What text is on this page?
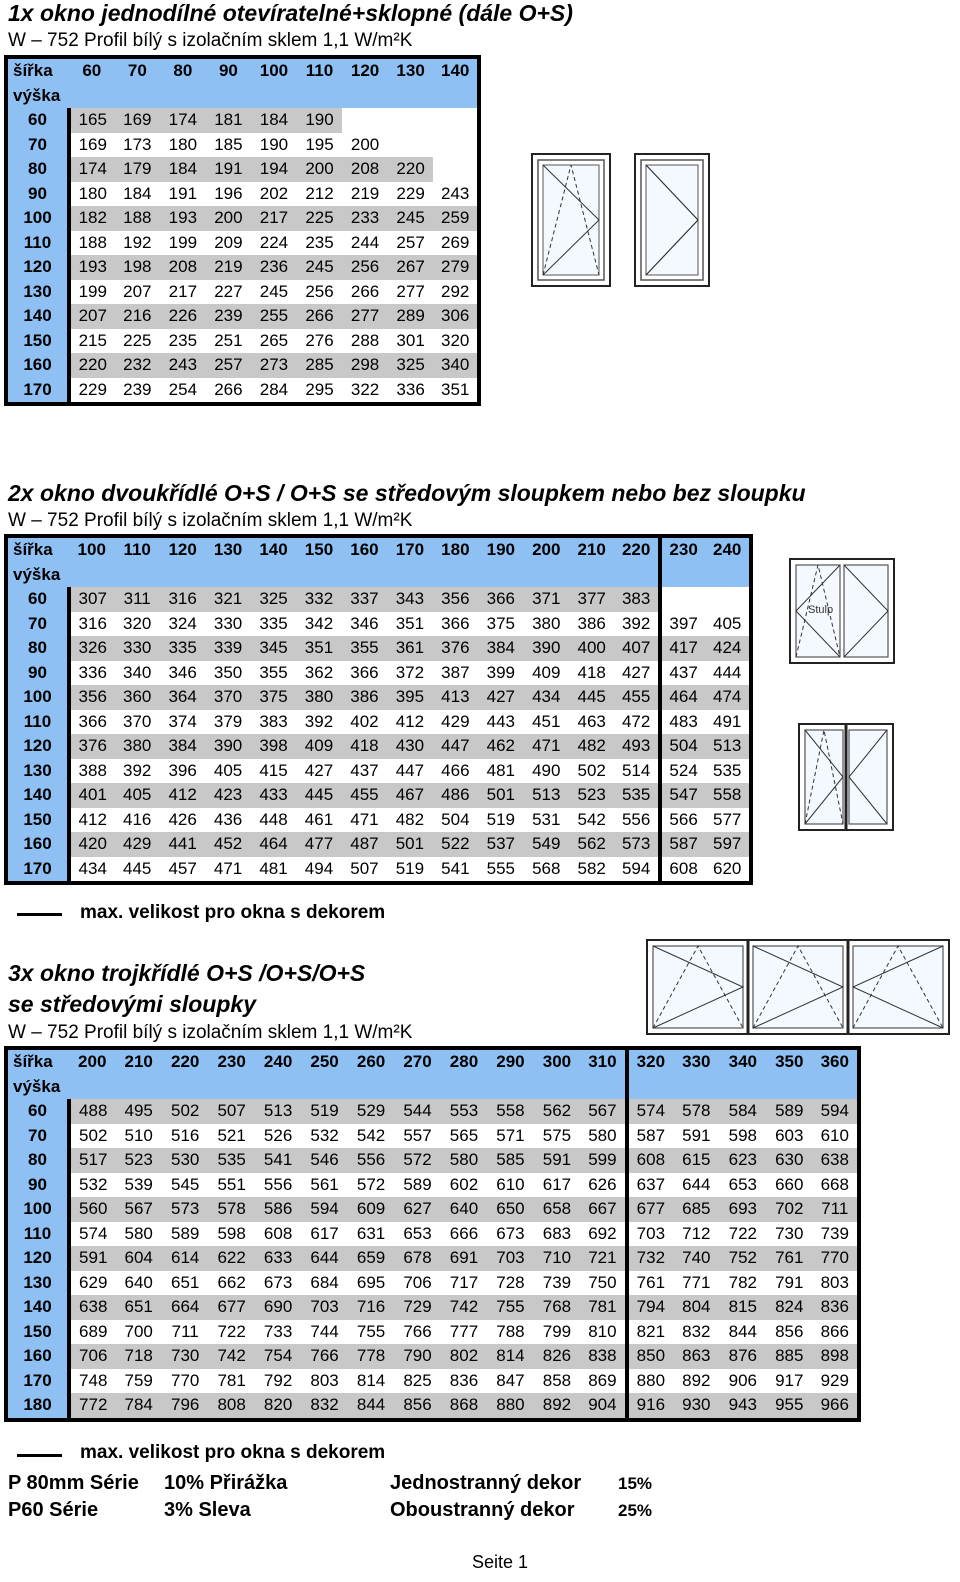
1x okno jednodílné otevíratelné+sklopné (dále O+S)
W – 752 Profil bílý s izolačním sklem 1,1 W/m²K
šířka	60	70	80	90	100	110	120	130	140
výška									
60	165	169	174	181	184	190			
70	169	173	180	185	190	195	200		
80	174	179	184	191	194	200	208	220	
90	180	184	191	196	202	212	219	229	243
100	182	188	193	200	217	225	233	245	259
110	188	192	199	209	224	235	244	257	269
120	193	198	208	219	236	245	256	267	279
130	199	207	217	227	245	256	266	277	292
140	207	216	226	239	255	266	277	289	306
150	215	225	235	251	265	276	288	301	320
160	220	232	243	257	273	285	298	325	340
170	229	239	254	266	284	295	322	336	351
2x okno dvoukřídlé O+S / O+S se středovým sloupkem nebo bez sloupku
W – 752 Profil bílý s izolačním sklem 1,1 W/m²K
šířka	100	110	120	130	140	150	160	170	180	190	200	210	220	230	240
výška															
60	307	311	316	321	325	332	337	343	356	366	371	377	383		
70	316	320	324	330	335	342	346	351	366	375	380	386	392	397	405
80	326	330	335	339	345	351	355	361	376	384	390	400	407	417	424
90	336	340	346	350	355	362	366	372	387	399	409	418	427	437	444
100	356	360	364	370	375	380	386	395	413	427	434	445	455	464	474
110	366	370	374	379	383	392	402	412	429	443	451	463	472	483	491
120	376	380	384	390	398	409	418	430	447	462	471	482	493	504	513
130	388	392	396	405	415	427	437	447	466	481	490	502	514	524	535
140	401	405	412	423	433	445	455	467	486	501	513	523	535	547	558
150	412	416	426	436	448	461	471	482	504	519	531	542	556	566	577
160	420	429	441	452	464	477	487	501	522	537	549	562	573	587	597
170	434	445	457	471	481	494	507	519	541	555	568	582	594	608	620
max. velikost pro okna s dekorem
Stulp
3x okno trojkřídlé O+S /O+S/O+S
se středovými sloupky
W – 752 Profil bílý s izolačním sklem 1,1 W/m²K
šířka	200	210	220	230	240	250	260	270	280	290	300	310	320	330	340	350	360
výška																	
60	488	495	502	507	513	519	529	544	553	558	562	567	574	578	584	589	594
70	502	510	516	521	526	532	542	557	565	571	575	580	587	591	598	603	610
80	517	523	530	535	541	546	556	572	580	585	591	599	608	615	623	630	638
90	532	539	545	551	556	561	572	589	602	610	617	626	637	644	653	660	668
100	560	567	573	578	586	594	609	627	640	650	658	667	677	685	693	702	711
110	574	580	589	598	608	617	631	653	666	673	683	692	703	712	722	730	739
120	591	604	614	622	633	644	659	678	691	703	710	721	732	740	752	761	770
130	629	640	651	662	673	684	695	706	717	728	739	750	761	771	782	791	803
140	638	651	664	677	690	703	716	729	742	755	768	781	794	804	815	824	836
150	689	700	711	722	733	744	755	766	777	788	799	810	821	832	844	856	866
160	706	718	730	742	754	766	778	790	802	814	826	838	850	863	876	885	898
170	748	759	770	781	792	803	814	825	836	847	858	869	880	892	906	917	929
180	772	784	796	808	820	832	844	856	868	880	892	904	916	930	943	955	966
max. velikost pro okna s dekorem
P 80mm Série 10% Přirážka
P60 Série	3% Sleva
Jednostranný dekor 15%
Oboustranný dekor	25%
Seite 1
